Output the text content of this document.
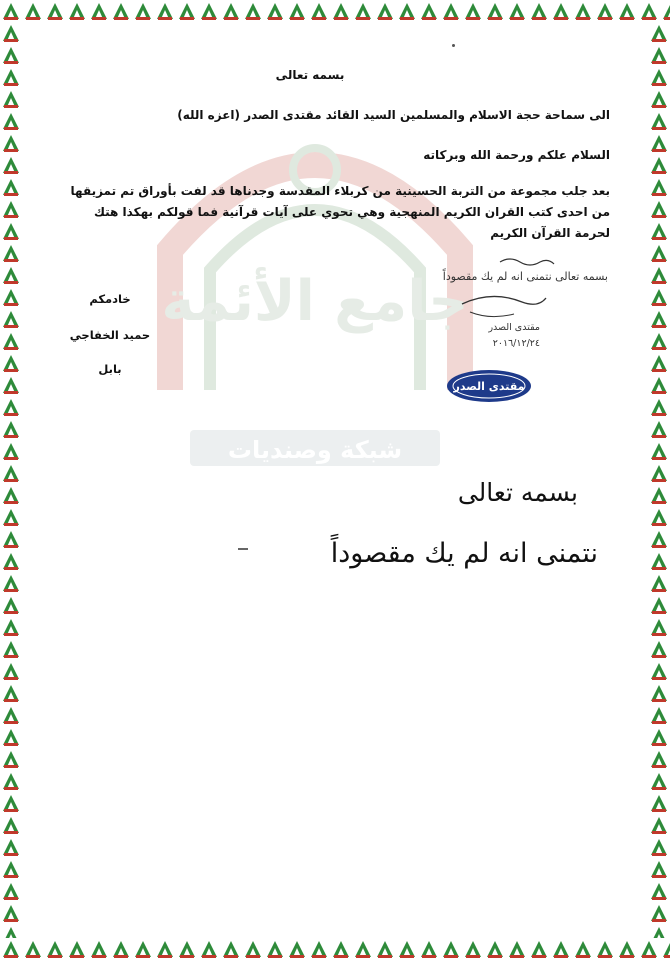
جامع الأئمة
شبكة وصنديات
بسمه تعالى
الى سماحة حجة الاسلام والمسلمين السيد القائد مقتدى الصدر (اعزه الله)
السلام علكم ورحمة الله وبركاته
بعد جلب مجموعة من التربة الحسينية من كربلاء المقدسة وجدناها قد لفت بأوراق تم تمزيقها
من احدى كتب القران الكريم المنهجية وهي تحوي على آيات قرآنية فما قولكم بهكذا هتك
لحرمة القرآن الكريم
خادمكم
حميد الخفاجي
بابل
بسمه تعالى نتمنى انه لم يك مقصوداً
مقتدى الصدر
٢٠١٦/١٢/٢٤
مقتدى الصدر
بسمه تعالى
نتمنى انه لم يك مقصوداً
